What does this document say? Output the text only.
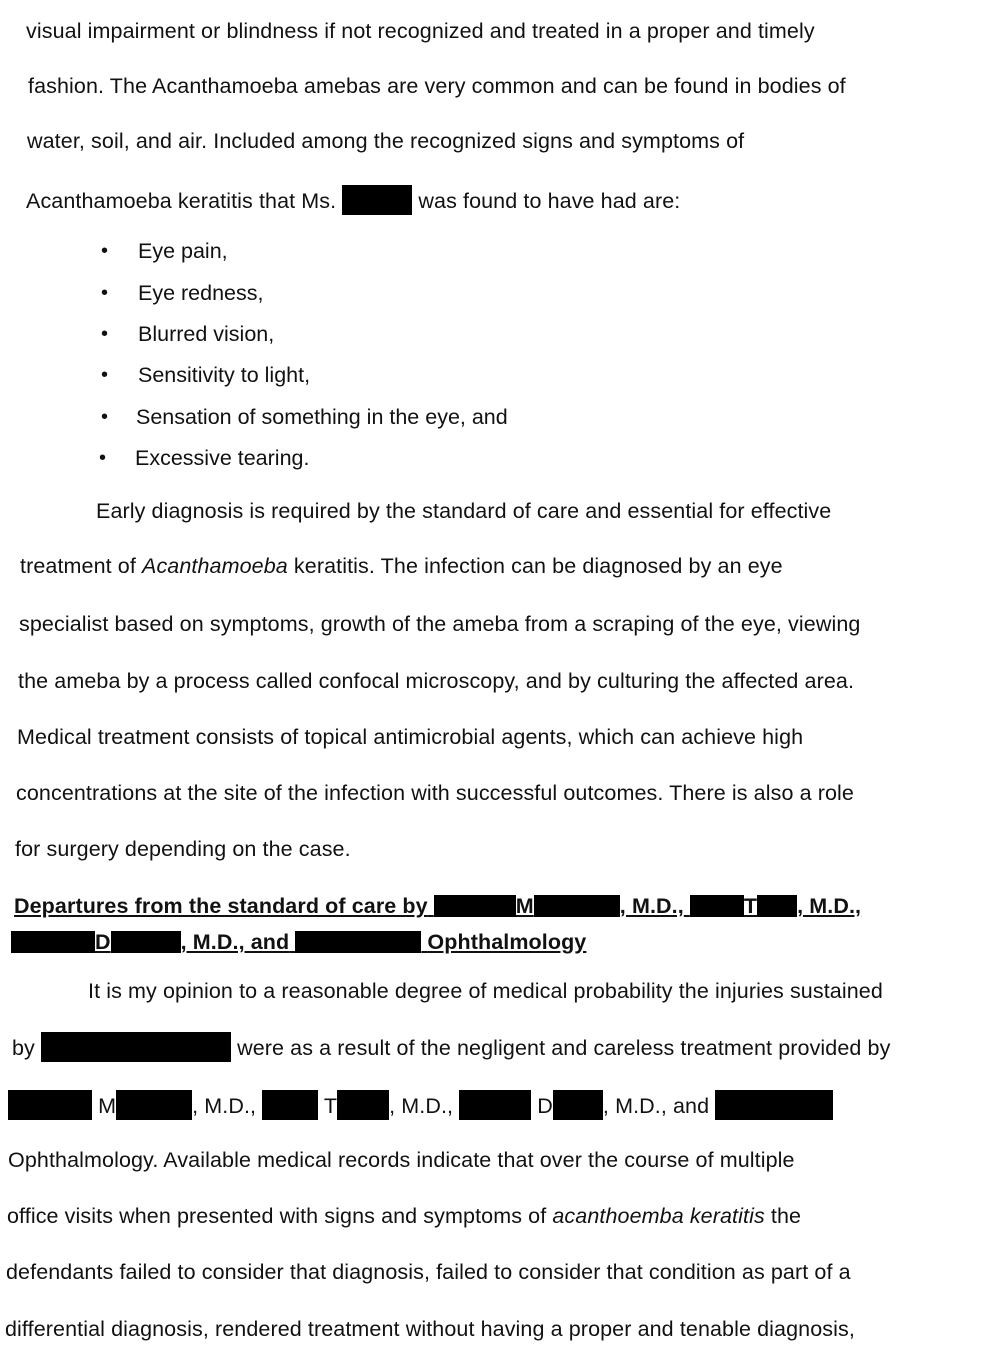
visual impairment or blindness if not recognized and treated in a proper and timely
fashion. The Acanthamoeba amebas are very common and can be found in bodies of
water, soil, and air. Included among the recognized signs and symptoms of
Acanthamoeba keratitis that Ms.	was found to have had are:
• Eye pain,
• Eye redness,
• Blurred vision,
• Sensitivity to light,
• Sensation of something in the eye, and
• Excessive tearing.
Early diagnosis is required by the standard of care and essential for effective
treatment of Acanthamoeba keratitis. The infection can be diagnosed by an eye
specialist based on symptoms, growth of the ameba from a scraping of the eye, viewing
the ameba by a process called confocal microscopy, and by culturing the affected area.
Medical treatment consists of topical antimicrobial agents, which can achieve high
concentrations at the site of the infection with successful outcomes. There is also a role
for surgery depending on the case.
Departures from the standard of care by	M	, M.D.,	T , M.D.,
D	, M.D., and	Ophthalmology
It is my opinion to a reasonable degree of medical probability the injuries sustained
by	were as a result of the negligent and careless treatment provided by
M	, M.D.,	T , M.D.,	D , M.D., and
Ophthalmology. Available medical records indicate that over the course of multiple
office visits when presented with signs and symptoms of acanthoemba keratitis the
defendants failed to consider that diagnosis, failed to consider that condition as part of a
differential diagnosis, rendered treatment without having a proper and tenable diagnosis,
